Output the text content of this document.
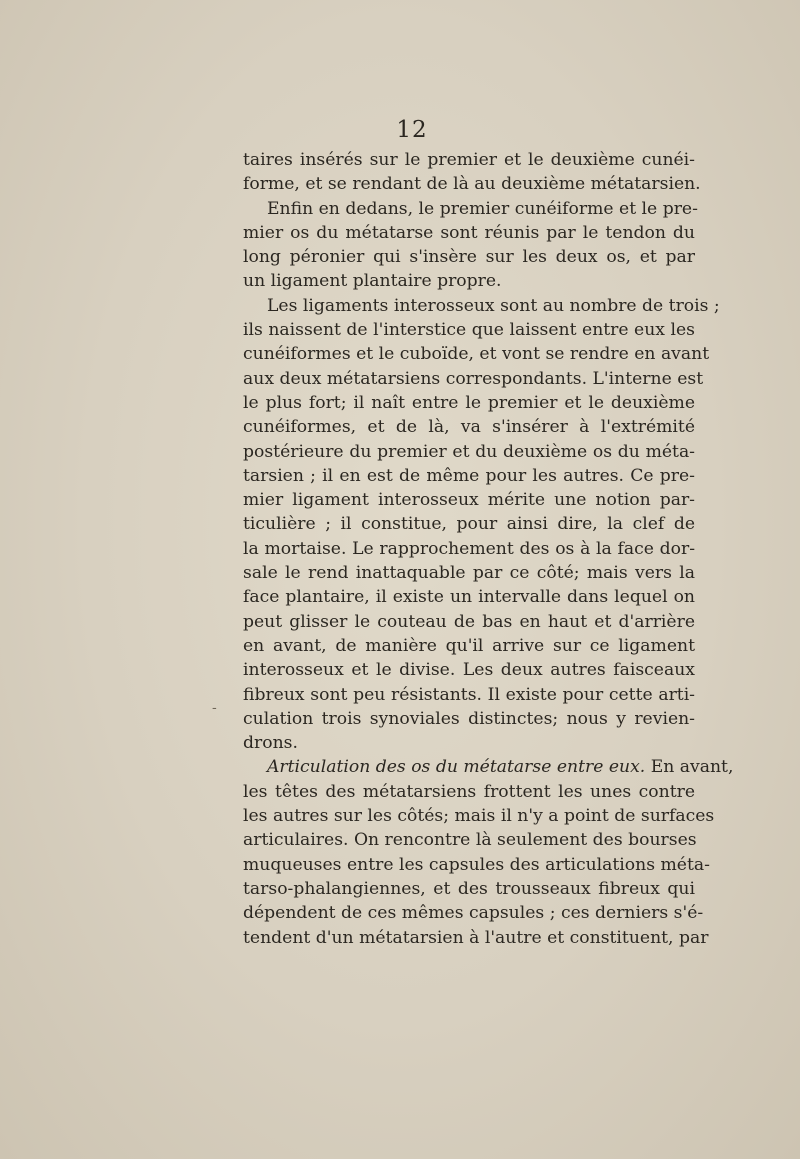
12
taires insérés sur le premier et le deuxième cunéi-
forme, et se rendant de là au deuxième métatarsien.
Enfin en dedans, le premier cunéiforme et le pre-
mier os du métatarse sont réunis par le tendon du
long péronier qui s'insère sur les deux os, et par
un ligament plantaire propre.
Les ligaments interosseux sont au nombre de trois ;
ils naissent de l'interstice que laissent entre eux les
cunéiformes et le cuboïde, et vont se rendre en avant
aux deux métatarsiens correspondants. L'interne est
le plus fort; il naît entre le premier et le deuxième
cunéiformes, et de là, va s'insérer à l'extrémité
postérieure du premier et du deuxième os du méta-
tarsien ; il en est de même pour les autres. Ce pre-
mier ligament interosseux mérite une notion par-
ticulière ; il constitue, pour ainsi dire, la clef de
la mortaise. Le rapprochement des os à la face dor-
sale le rend inattaquable par ce côté; mais vers la
face plantaire, il existe un intervalle dans lequel on
peut glisser le couteau de bas en haut et d'arrière
en avant, de manière qu'il arrive sur ce ligament
interosseux et le divise. Les deux autres faisceaux
fibreux sont peu résistants. Il existe pour cette arti-
culation trois synoviales distinctes; nous y revien-
drons.
Articulation des os du métatarse entre eux. En avant,
les têtes des métatarsiens frottent les unes contre
les autres sur les côtés; mais il n'y a point de surfaces
articulaires. On rencontre là seulement des bourses
muqueuses entre les capsules des articulations méta-
tarso-phalangiennes, et des trousseaux fibreux qui
dépendent de ces mêmes capsules ; ces derniers s'é-
tendent d'un métatarsien à l'autre et constituent, par
-
